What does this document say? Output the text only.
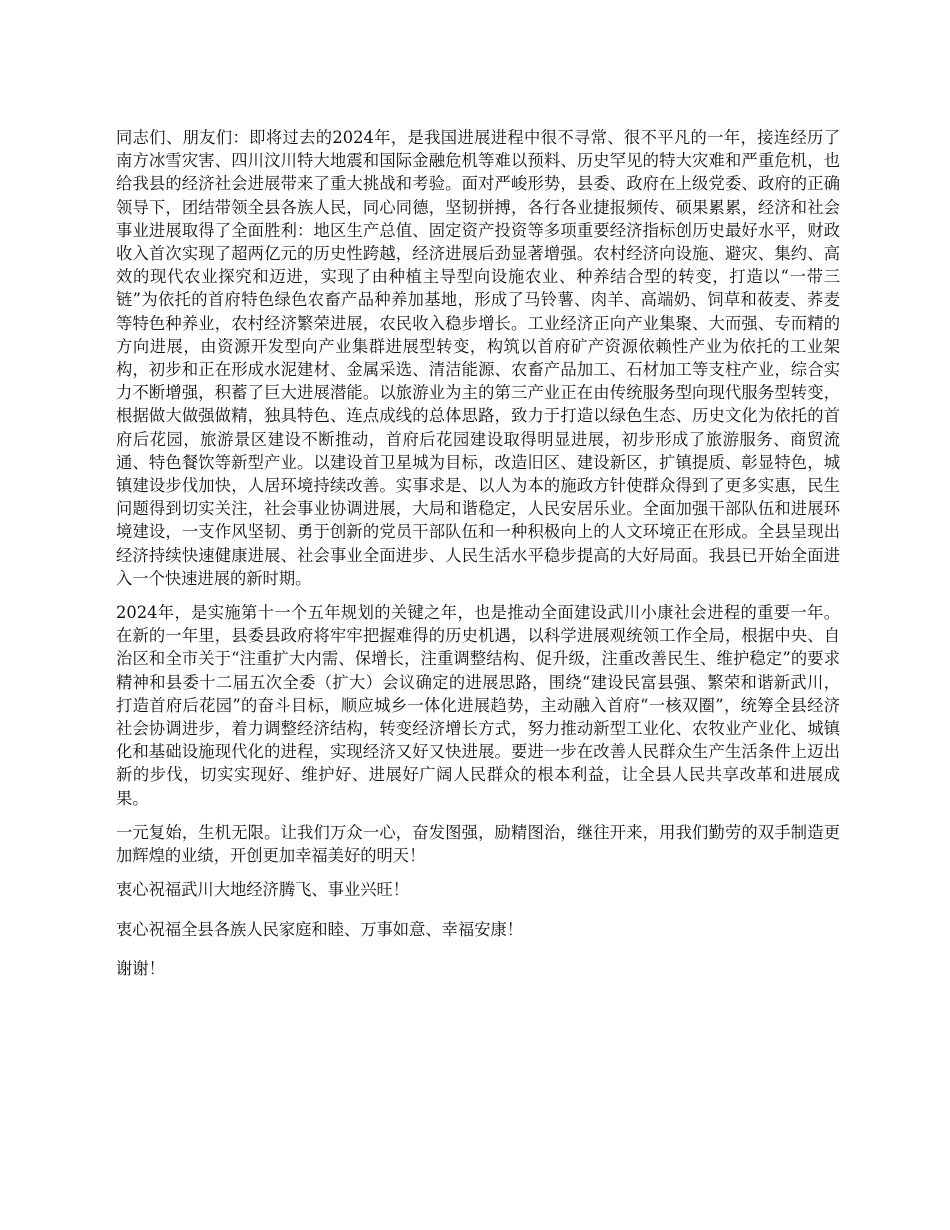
同志们、朋友们：即将过去的2024年，是我国进展进程中很不寻常、很不平凡的一年，接连经历了南方冰雪灾害、四川汶川特大地震和国际金融危机等难以预料、历史罕见的特大灾难和严重危机，也给我县的经济社会进展带来了重大挑战和考验。面对严峻形势，县委、政府在上级党委、政府的正确领导下，团结带领全县各族人民，同心同德，坚韧拼搏，各行各业捷报频传、硕果累累，经济和社会事业进展取得了全面胜利：地区生产总值、固定资产投资等多项重要经济指标创历史最好水平，财政收入首次实现了超两亿元的历史性跨越，经济进展后劲显著增强。农村经济向设施、避灾、集约、高效的现代农业探究和迈进，实现了由种植主导型向设施农业、种养结合型的转变，打造以“一带三链”为依托的首府特色绿色农畜产品种养加基地，形成了马铃薯、肉羊、高端奶、饲草和莜麦、荞麦等特色种养业，农村经济繁荣进展，农民收入稳步增长。工业经济正向产业集聚、大而强、专而精的方向进展，由资源开发型向产业集群进展型转变，构筑以首府矿产资源依赖性产业为依托的工业架构，初步和正在形成水泥建材、金属采选、清洁能源、农畜产品加工、石材加工等支柱产业，综合实力不断增强，积蓄了巨大进展潜能。以旅游业为主的第三产业正在由传统服务型向现代服务型转变，根据做大做强做精，独具特色、连点成线的总体思路，致力于打造以绿色生态、历史文化为依托的首府后花园，旅游景区建设不断推动，首府后花园建设取得明显进展，初步形成了旅游服务、商贸流通、特色餐饮等新型产业。以建设首卫星城为目标，改造旧区、建设新区，扩镇提质、彰显特色，城镇建设步伐加快，人居环境持续改善。实事求是、以人为本的施政方针使群众得到了更多实惠，民生问题得到切实关注，社会事业协调进展，大局和谐稳定，人民安居乐业。全面加强干部队伍和进展环境建设，一支作风坚韧、勇于创新的党员干部队伍和一种积极向上的人文环境正在形成。全县呈现出经济持续快速健康进展、社会事业全面进步、人民生活水平稳步提高的大好局面。我县已开始全面进入一个快速进展的新时期。

2024年，是实施第十一个五年规划的关键之年，也是推动全面建设武川小康社会进程的重要一年。在新的一年里，县委县政府将牢牢把握难得的历史机遇，以科学进展观统领工作全局，根据中央、自治区和全市关于“注重扩大内需、保增长，注重调整结构、促升级，注重改善民生、维护稳定”的要求精神和县委十二届五次全委（扩大）会议确定的进展思路，围绕“建设民富县强、繁荣和谐新武川，打造首府后花园”的奋斗目标，顺应城乡一体化进展趋势，主动融入首府“一核双圈”，统筹全县经济社会协调进步，着力调整经济结构，转变经济增长方式，努力推动新型工业化、农牧业产业化、城镇化和基础设施现代化的进程，实现经济又好又快进展。要进一步在改善人民群众生产生活条件上迈出新的步伐，切实实现好、维护好、进展好广阔人民群众的根本利益，让全县人民共享改革和进展成果。

一元复始，生机无限。让我们万众一心，奋发图强，励精图治，继往开来，用我们勤劳的双手制造更加辉煌的业绩，开创更加幸福美好的明天！

衷心祝福武川大地经济腾飞、事业兴旺！

衷心祝福全县各族人民家庭和睦、万事如意、幸福安康！

谢谢！
